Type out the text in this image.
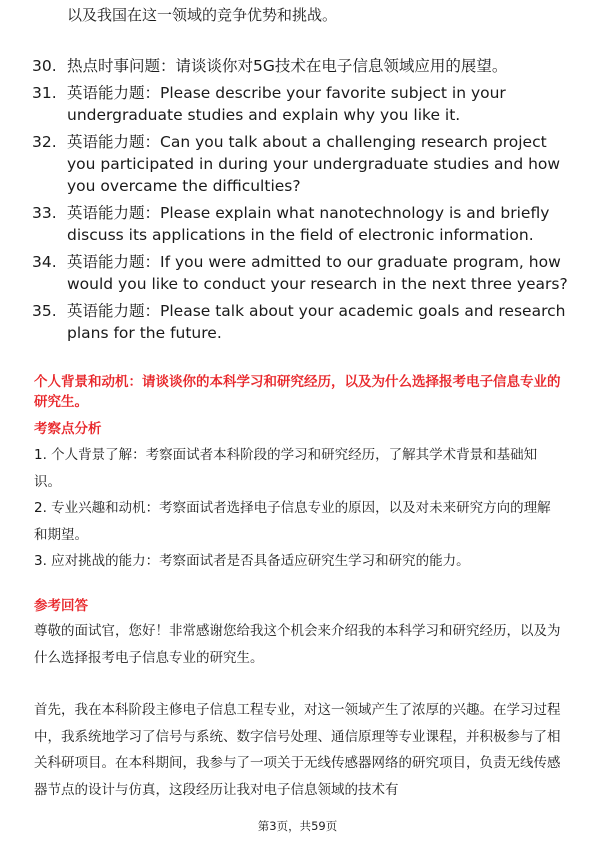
以及我国在这一领域的竞争优势和挑战。
30. 热点时事问题：请谈谈你对5G技术在电子信息领域应用的展望。
31. 英语能力题：Please describe your favorite subject in your undergraduate studies and explain why you like it.
32. 英语能力题：Can you talk about a challenging research project you participated in during your undergraduate studies and how you overcame the difficulties?
33. 英语能力题：Please explain what nanotechnology is and briefly discuss its applications in the field of electronic information.
34. 英语能力题：If you were admitted to our graduate program, how would you like to conduct your research in the next three years?
35. 英语能力题：Please talk about your academic goals and research plans for the future.
个人背景和动机：请谈谈你的本科学习和研究经历，以及为什么选择报考电子信息专业的研究生。
考察点分析

1. 个人背景了解：考察面试者本科阶段的学习和研究经历，了解其学术背景和基础知识。

2. 专业兴趣和动机：考察面试者选择电子信息专业的原因，以及对未来研究方向的理解和期望。

3. 应对挑战的能力：考察面试者是否具备适应研究生学习和研究的能力。

参考回答

尊敬的面试官，您好！非常感谢您给我这个机会来介绍我的本科学习和研究经历，以及为什么选择报考电子信息专业的研究生。

首先，我在本科阶段主修电子信息工程专业，对这一领域产生了浓厚的兴趣。在学习过程中，我系统地学习了信号与系统、数字信号处理、通信原理等专业课程，并积极参与了相关科研项目。在本科期间，我参与了一项关于无线传感器网络的研究项目，负责无线传感器节点的设计与仿真，这段经历让我对电子信息领域的技术有

第3页，共59页
